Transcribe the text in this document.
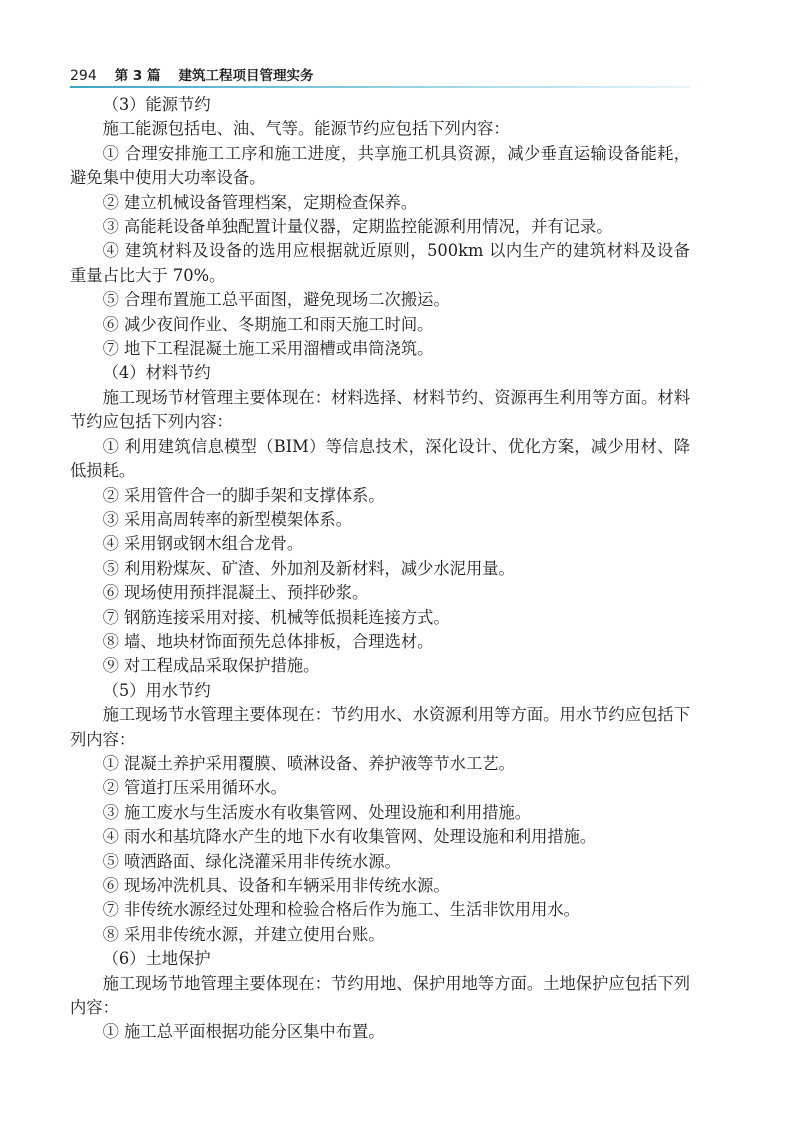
294 第 3 篇 建筑工程项目管理实务

（3）能源节约

施工能源包括电、油、气等。能源节约应包括下列内容：

① 合理安排施工工序和施工进度，共享施工机具资源，减少垂直运输设备能耗，避免集中使用大功率设备。

② 建立机械设备管理档案，定期检查保养。

③ 高能耗设备单独配置计量仪器，定期监控能源利用情况，并有记录。

④ 建筑材料及设备的选用应根据就近原则，500km 以内生产的建筑材料及设备重量占比大于 70%。

⑤ 合理布置施工总平面图，避免现场二次搬运。

⑥ 减少夜间作业、冬期施工和雨天施工时间。

⑦ 地下工程混凝土施工采用溜槽或串筒浇筑。

（4）材料节约

施工现场节材管理主要体现在：材料选择、材料节约、资源再生利用等方面。材料节约应包括下列内容：

① 利用建筑信息模型（BIM）等信息技术，深化设计、优化方案，减少用材、降低损耗。

② 采用管件合一的脚手架和支撑体系。

③ 采用高周转率的新型模架体系。

④ 采用钢或钢木组合龙骨。

⑤ 利用粉煤灰、矿渣、外加剂及新材料，减少水泥用量。

⑥ 现场使用预拌混凝土、预拌砂浆。

⑦ 钢筋连接采用对接、机械等低损耗连接方式。

⑧ 墙、地块材饰面预先总体排板，合理选材。

⑨ 对工程成品采取保护措施。

（5）用水节约

施工现场节水管理主要体现在：节约用水、水资源利用等方面。用水节约应包括下列内容：

① 混凝土养护采用覆膜、喷淋设备、养护液等节水工艺。

② 管道打压采用循环水。

③ 施工废水与生活废水有收集管网、处理设施和利用措施。

④ 雨水和基坑降水产生的地下水有收集管网、处理设施和利用措施。

⑤ 喷洒路面、绿化浇灌采用非传统水源。

⑥ 现场冲洗机具、设备和车辆采用非传统水源。

⑦ 非传统水源经过处理和检验合格后作为施工、生活非饮用用水。

⑧ 采用非传统水源，并建立使用台账。

（6）土地保护

施工现场节地管理主要体现在：节约用地、保护用地等方面。土地保护应包括下列内容：

① 施工总平面根据功能分区集中布置。
